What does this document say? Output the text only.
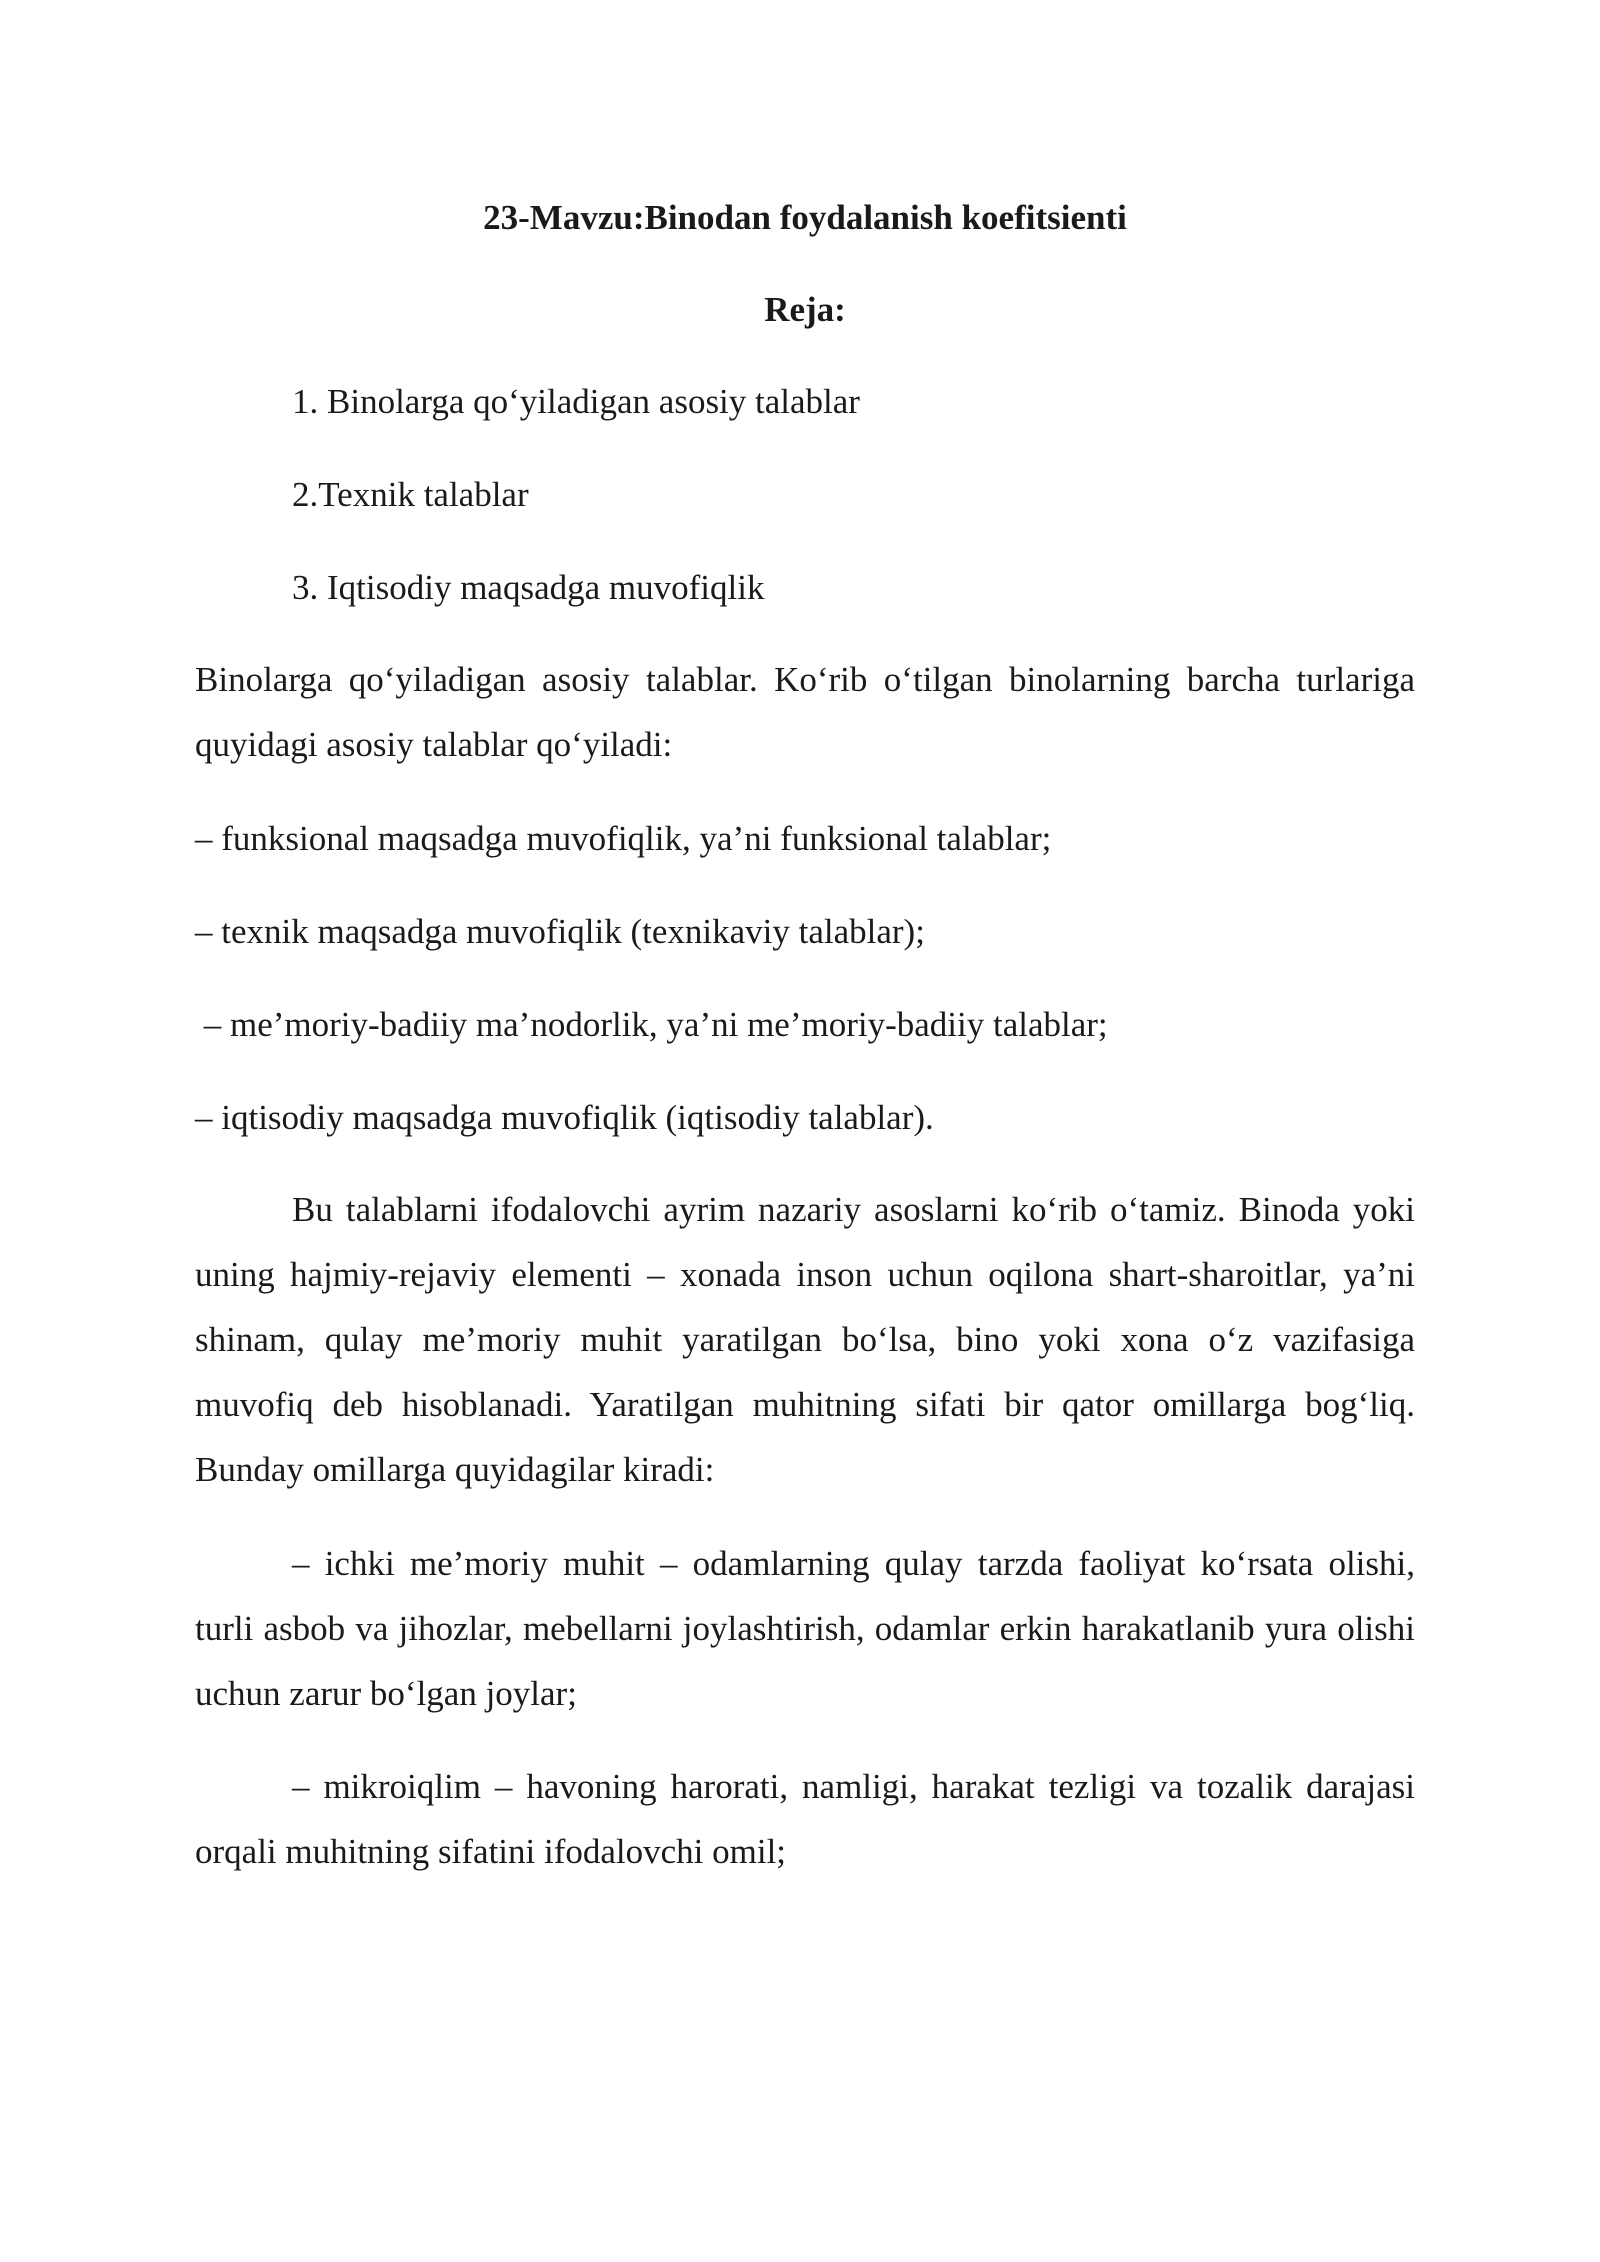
23-Mavzu:Binodan foydalanish koefitsienti
Reja:

1. Binolarga qo‘yiladigan asosiy talablar

2.Texnik talablar

3. Iqtisodiy maqsadga muvofiqlik

Binolarga qo‘yiladigan asosiy talablar. Ko‘rib o‘tilgan binolarning barcha turlariga quyidagi asosiy talablar qo‘yiladi:

– funksional maqsadga muvofiqlik, ya’ni funksional talablar;

– texnik maqsadga muvofiqlik (texnikaviy talablar);

– me’moriy-badiiy ma’nodorlik, ya’ni me’moriy-badiiy talablar;

– iqtisodiy maqsadga muvofiqlik (iqtisodiy talablar).

Bu talablarni ifodalovchi ayrim nazariy asoslarni ko‘rib o‘tamiz. Binoda yoki uning hajmiy-rejaviy elementi – xonada inson uchun oqilona shart-sharoitlar, ya’ni shinam, qulay me’moriy muhit yaratilgan bo‘lsa, bino yoki xona o‘z vazifasiga muvofiq deb hisoblanadi. Yaratilgan muhitning sifati bir qator omillarga bog‘liq. Bunday omillarga quyidagilar kiradi:

– ichki me’moriy muhit – odamlarning qulay tarzda faoliyat ko‘rsata olishi, turli asbob va jihozlar, mebellarni joylashtirish, odamlar erkin harakatlanib yura olishi uchun zarur bo‘lgan joylar;

– mikroiqlim – havoning harorati, namligi, harakat tezligi va tozalik darajasi orqali muhitning sifatini ifodalovchi omil;
